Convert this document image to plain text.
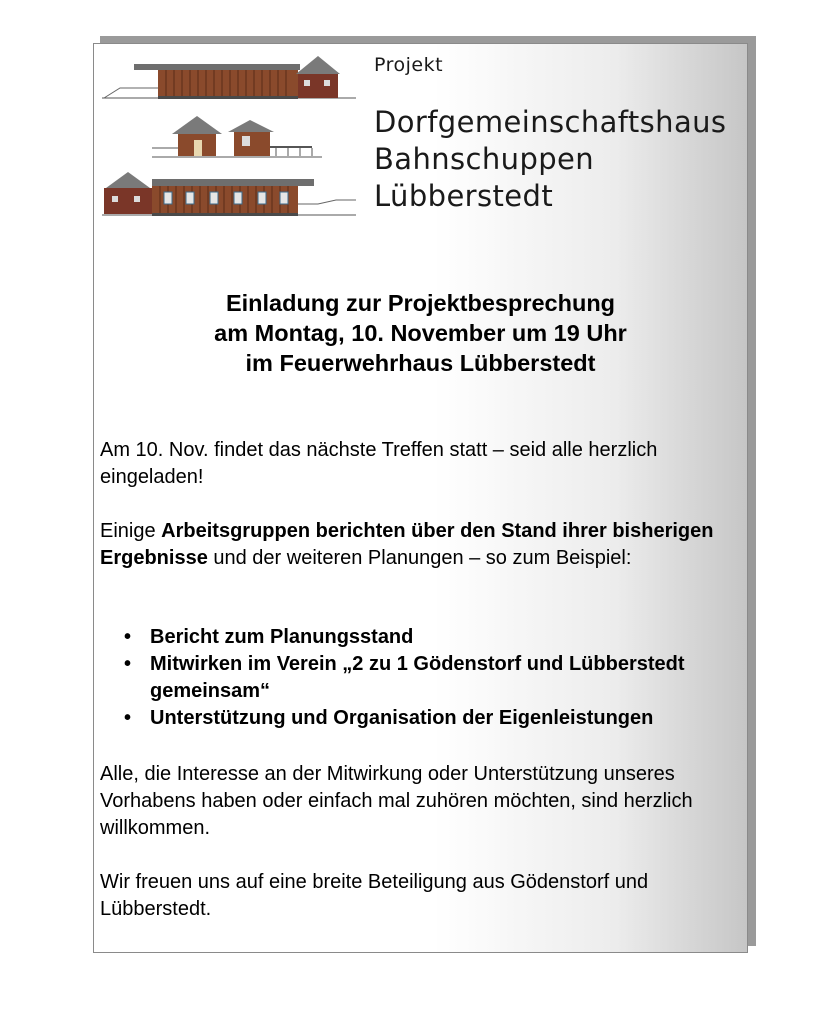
Projekt
Dorfgemeinschaftshaus
Bahnschuppen
Lübberstedt
Einladung zur Projektbesprechung
am Montag, 10. November um 19 Uhr
im Feuerwehrhaus Lübberstedt
Am 10. Nov. findet das nächste Treffen statt – seid alle herzlich eingeladen!
Einige Arbeitsgruppen berichten über den Stand ihrer bisherigen Ergebnisse und der weiteren Planungen – so zum Beispiel:
• Bericht zum Planungsstand
• Mitwirken im Verein „2 zu 1 Gödenstorf und Lübberstedt gemeinsam“
• Unterstützung und Organisation der Eigenleistungen
Alle, die Interesse an der Mitwirkung oder Unterstützung unseres Vorhabens haben oder einfach mal zuhören möchten, sind herzlich willkommen.
Wir freuen uns auf eine breite Beteiligung aus Gödenstorf und Lübberstedt.
